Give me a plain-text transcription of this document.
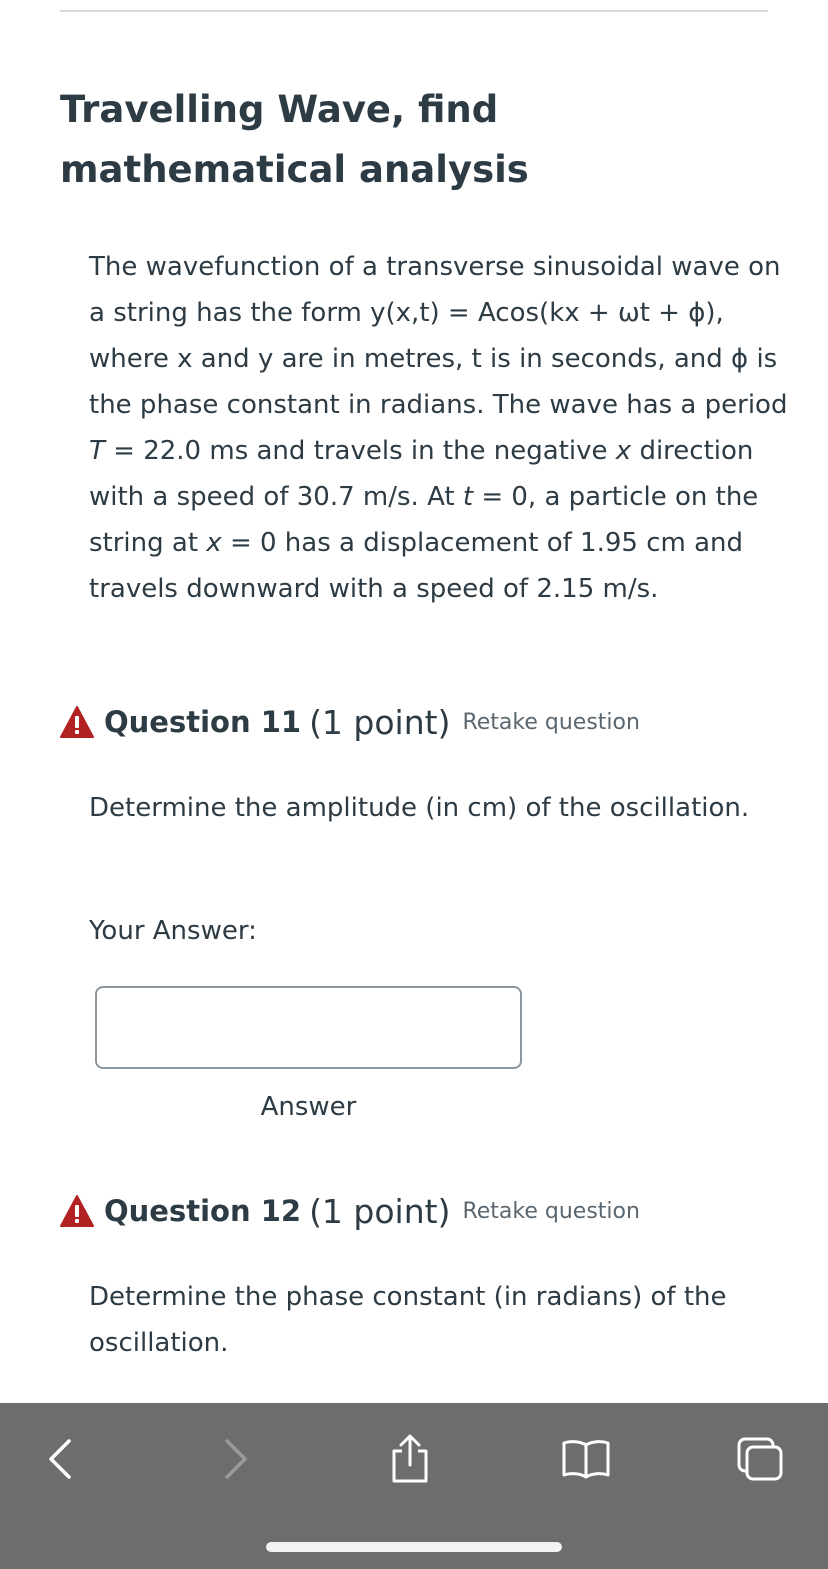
Travelling Wave, find mathematical analysis
The wavefunction of a transverse sinusoidal wave on a string has the form y(x,t) = Acos(kx + ωt + ϕ), where x and y are in metres, t is in seconds, and ϕ is the phase constant in radians. The wave has a period T = 22.0 ms and travels in the negative x direction with a speed of 30.7 m/s. At t = 0, a particle on the string at x = 0 has a displacement of 1.95 cm and travels downward with a speed of 2.15 m/s.
Question 11 (1 point) Retake question
Determine the amplitude (in cm) of the oscillation.
Your Answer:
Answer
Question 12 (1 point) Retake question
Determine the phase constant (in radians) of the oscillation.
